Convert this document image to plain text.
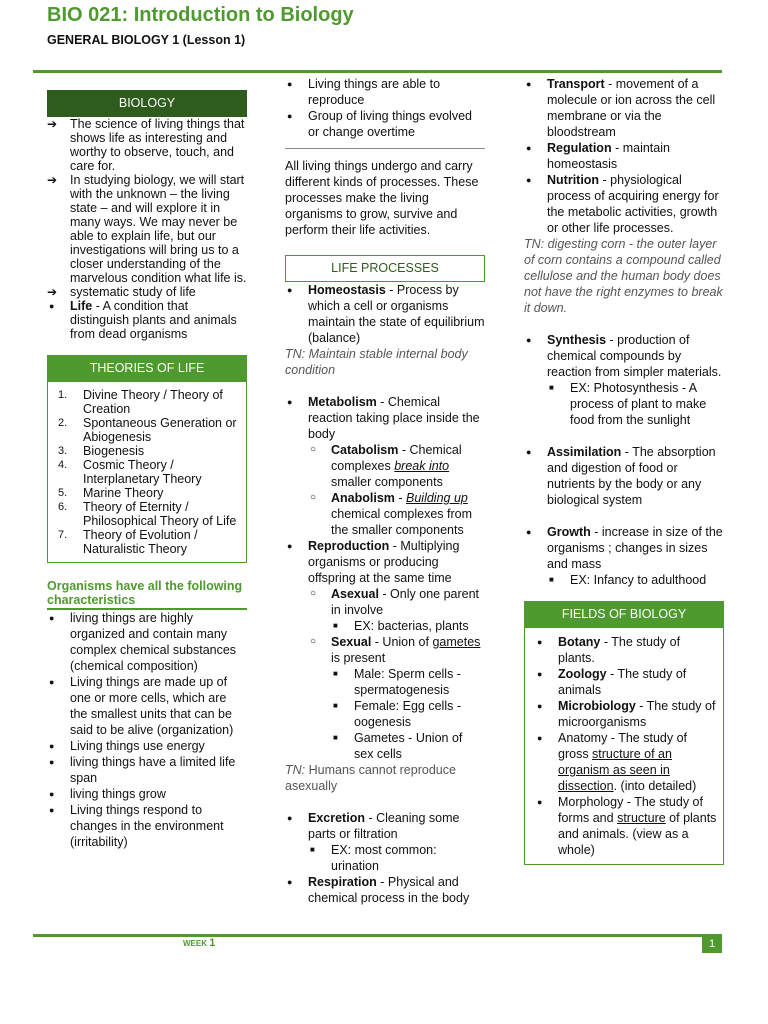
BIO 021: Introduction to Biology
GENERAL BIOLOGY 1 (Lesson 1)
BIOLOGY
➔ The science of living things that shows life as interesting and worthy to observe, touch, and care for.
➔ In studying biology, we will start with the unknown – the living state – and will explore it in many ways. We may never be able to explain life, but our investigations will bring us to a closer understanding of the marvelous condition what life is.
➔ systematic study of life
● Life - A condition that distinguish plants and animals from dead organisms
THEORIES OF LIFE
1. Divine Theory / Theory of Creation
2. Spontaneous Generation or Abiogenesis
3. Biogenesis
4. Cosmic Theory / Interplanetary Theory
5. Marine Theory
6. Theory of Eternity / Philosophical Theory of Life
7. Theory of Evolution / Naturalistic Theory
Organisms have all the following characteristics
● living things are highly organized and contain many complex chemical substances (chemical composition)
● Living things are made up of one or more cells, which are the smallest units that can be said to be alive (organization)
● Living things use energy
● living things have a limited life span
● living things grow
● Living things respond to changes in the environment (irritability)
● Living things are able to reproduce
● Group of living things evolved or change overtime
All living things undergo and carry different kinds of processes. These processes make the living organisms to grow, survive and perform their life activities.
LIFE PROCESSES
● Homeostasis - Process by which a cell or organisms maintain the state of equilibrium (balance)
TN: Maintain stable internal body condition
● Metabolism - Chemical reaction taking place inside the body
○ Catabolism - Chemical complexes break into smaller components
○ Anabolism - Building up chemical complexes from the smaller components
● Reproduction - Multiplying organisms or producing offspring at the same time
○ Asexual - Only one parent in involve
■ EX: bacterias, plants
○ Sexual - Union of gametes is present
■ Male: Sperm cells - spermatogenesis
■ Female: Egg cells - oogenesis
■ Gametes - Union of sex cells
TN: Humans cannot reproduce asexually
● Excretion - Cleaning some parts or filtration
■ EX: most common: urination
● Respiration - Physical and chemical process in the body
● Transport - movement of a molecule or ion across the cell membrane or via the bloodstream
● Regulation - maintain homeostasis
● Nutrition - physiological process of acquiring energy for the metabolic activities, growth or other life processes.
TN: digesting corn - the outer layer of corn contains a compound called cellulose and the human body does not have the right enzymes to break it down.
● Synthesis - production of chemical compounds by reaction from simpler materials.
■ EX: Photosynthesis - A process of plant to make food from the sunlight
● Assimilation - The absorption and digestion of food or nutrients by the body or any biological system
● Growth - increase in size of the organisms ; changes in sizes and mass
■ EX: Infancy to adulthood
FIELDS OF BIOLOGY
● Botany - The study of plants.
● Zoology - The study of animals
● Microbiology - The study of microorganisms
● Anatomy - The study of gross structure of an organism as seen in dissection. (into detailed)
● Morphology - The study of forms and structure of plants and animals. (view as a whole)
WEEK 1	1
